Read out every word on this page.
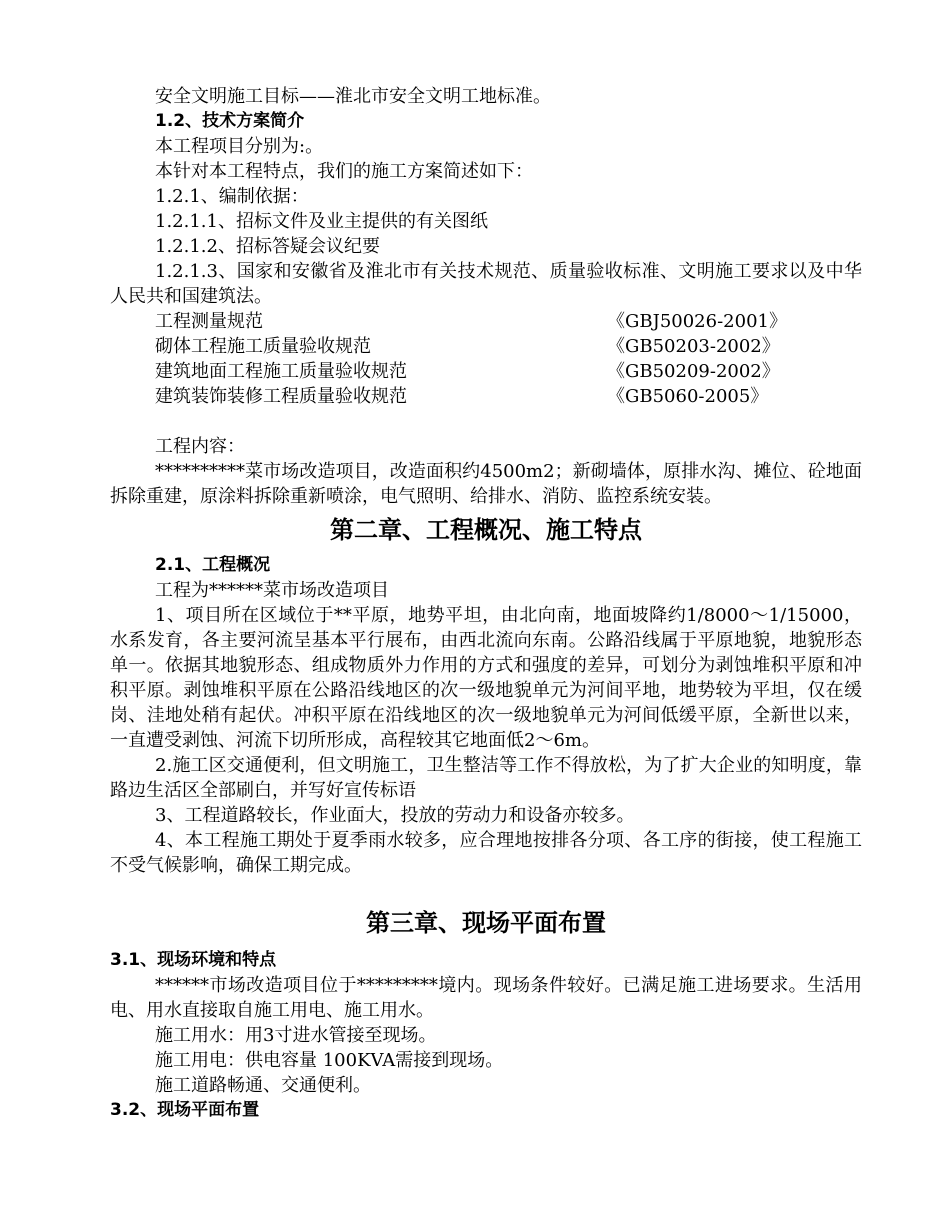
安全文明施工目标——淮北市安全文明工地标准。
1.2、技术方案简介
本工程项目分别为:。
本针对本工程特点，我们的施工方案简述如下：
1.2.1、编制依据：
1.2.1.1、招标文件及业主提供的有关图纸
1.2.1.2、招标答疑会议纪要
1.2.1.3、国家和安徽省及淮北市有关技术规范、质量验收标准、文明施工要求以及中华人民共和国建筑法。
工程测量规范	《GBJ50026-2001》
砌体工程施工质量验收规范	《GB50203-2002》
建筑地面工程施工质量验收规范	《GB50209-2002》
建筑装饰装修工程质量验收规范	《GB5060-2005》
工程内容：
**********菜市场改造项目，改造面积约4500m2；新砌墙体，原排水沟、摊位、砼地面拆除重建，原涂料拆除重新喷涂，电气照明、给排水、消防、监控系统安装。
第二章、工程概况、施工特点
2.1、工程概况
工程为******菜市场改造项目
1、项目所在区域位于**平原，地势平坦，由北向南，地面坡降约1/8000～1/15000，水系发育，各主要河流呈基本平行展布，由西北流向东南。公路沿线属于平原地貌，地貌形态单一。依据其地貌形态、组成物质外力作用的方式和强度的差异，可划分为剥蚀堆积平原和冲积平原。剥蚀堆积平原在公路沿线地区的次一级地貌单元为河间平地，地势较为平坦，仅在缓岗、洼地处稍有起伏。冲积平原在沿线地区的次一级地貌单元为河间低缓平原，全新世以来，一直遭受剥蚀、河流下切所形成，高程较其它地面低2～6m。
2.施工区交通便利，但文明施工，卫生整洁等工作不得放松，为了扩大企业的知明度，靠路边生活区全部刷白，并写好宣传标语
3、工程道路较长，作业面大，投放的劳动力和设备亦较多。
4、本工程施工期处于夏季雨水较多，应合理地按排各分项、各工序的街接，使工程施工不受气候影响，确保工期完成。
第三章、现场平面布置
3.1、现场环境和特点
******市场改造项目位于*********境内。现场条件较好。已满足施工进场要求。生活用电、用水直接取自施工用电、施工用水。
施工用水：用3寸进水管接至现场。
施工用电：供电容量 100KVA需接到现场。
施工道路畅通、交通便利。
3.2、现场平面布置
